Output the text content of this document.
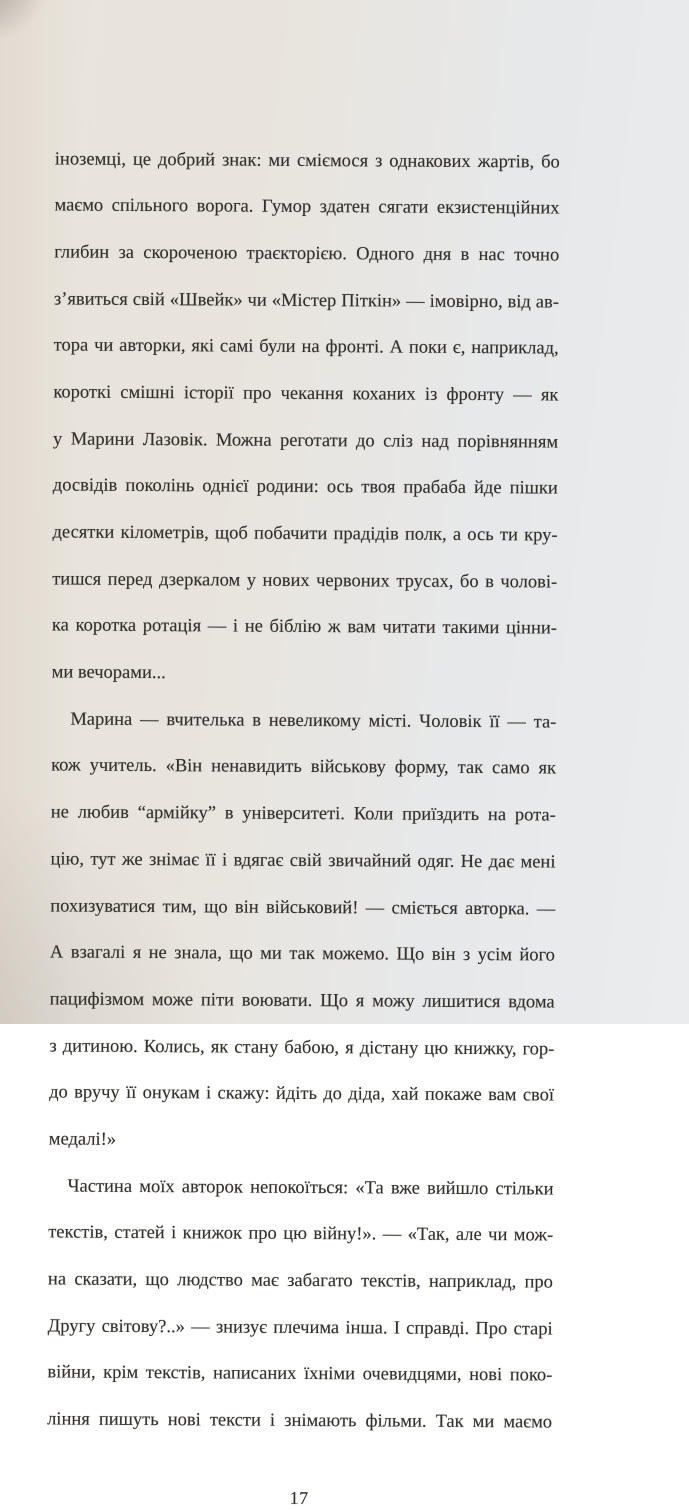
іноземці, це добрий знак: ми сміємося з однакових жартів, бо

маємо спільного ворога. Гумор здатен сягати екзистенційних

глибин за скороченою траєкторією. Одного дня в нас точно

з’явиться свій «Швейк» чи «Містер Піткін» — імовірно, від ав-

тора чи авторки, які самі були на фронті. А поки є, наприклад,

короткі смішні історії про чекання коханих із фронту — як

у Марини Лазовік. Можна реготати до сліз над порівнянням

досвідів поколінь однієї родини: ось твоя прабаба йде пішки

десятки кілометрів, щоб побачити прадідів полк, а ось ти кру-

тишся перед дзеркалом у нових червоних трусах, бо в чолові-

ка коротка ротація — і не біблію ж вам читати такими цінни-

ми вечорами...

Марина — вчителька в невеликому місті. Чоловік її — та-

кож учитель. «Він ненавидить військову форму, так само як

не любив “армійку” в університеті. Коли приїздить на рота-

цію, тут же знімає її і вдягає свій звичайний одяг. Не дає мені

похизуватися тим, що він військовий! — сміється авторка. —

А взагалі я не знала, що ми так можемо. Що він з усім його

пацифізмом може піти воювати. Що я можу лишитися вдома

з дитиною. Колись, як стану бабою, я дістану цю книжку, гор-

до вручу її онукам і скажу: йдіть до діда, хай покаже вам свої

медалі!»

Частина моїх авторок непокоїться: «Та вже вийшло стільки

текстів, статей і книжок про цю війну!». — «Так, але чи мож-

на сказати, що людство має забагато текстів, наприклад, про

Другу світову?..» — знизує плечима інша. І справді. Про старі

війни, крім текстів, написаних їхніми очевидцями, нові поко-

ління пишуть нові тексти і знімають фільми. Так ми маємо

17
